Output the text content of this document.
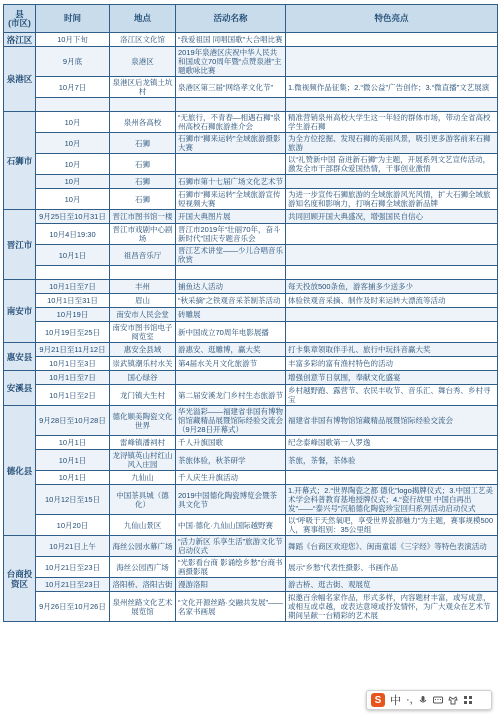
县
(市区)	时间	地点	活动名称	特色亮点
洛江区	10月下旬	洛江区文化馆	“我爱祖国 同唱国歌”大合唱比赛	
泉港区	9月底	泉港区	2019年泉港区庆祝中华人民共和国成立70周年暨“点赞泉港”主题歌咏比赛	
	10月7日	泉港区后龙镇土坑村	泉港区第三届“网络孝文化节”	1.微视频作品征集；2.“微公益”广告创作；3.“微直播”文艺展演

石狮市	10月	泉州各高校	“无旅行，不青春—相遇石狮”泉州高校石狮旅游推介会	精准营销泉州高校大学生这一年轻的群体市场，带动全省高校学生游石狮
	10月	石狮	石狮市“狮来运转”全域旅游摄影大赛	为全方位挖掘、发现石狮的美丽风景，吸引更多游客前来石狮旅游
	10月	石狮		以“礼赞新中国 奋进新石狮”为主题，开展系列文艺宣传活动，激发全市干部群众爱国热情，干事创业激情
	10月	石狮	石狮市第十七届广场文化艺术节	
	10月	石狮	石狮市“狮来运转”全域旅游宣传短视频大赛	为进一步宣传石狮旅游的全域旅游风光风情，扩大石狮全域旅游知名度和影响力，打响石狮全域旅游新品牌
晋江市	9月25日至10月31日	晋江市图书馆一楼	开国大典图片展	共同回顾开国大典盛况，增强国民自信心
	10月4日19:30	晋江市戏剧中心剧场	晋江市2019年“壮丽70年，奋斗新时代”国庆专题音乐会	
	10月1日	祖昌音乐厅	晋江艺术讲堂——少儿合唱音乐欣赏	

南安市	10月1日至7日	丰州	捕鱼达人活动	每天投放500条鱼，游客捕多少送多少
	10月1日至31日	眉山	“秋采摘”之铁观音采茶制茶活动	体验铁观音采摘、制作及时来运转大漂流等活动
	10月19日	南安市人民会堂	砖雕展	
	10月19日至25日	南安市图书馆电子阅览室	新中国成立70周年电影展播	
惠安县	9月21日至11月12日	惠安全县域	游惠安、逛雕博，赢大奖	打卡集章领取伴手礼、旅行中玩抖音赢大奖
	10月1日至3日	崇武镇潮乐村水关	第4届水关月文化旅游节	丰富多彩的富有渔村特色的活动
安溪县	10月1日至7日	国心绿谷		增强创意节日氛围，奉献文化盛宴
	10月1日至2日	龙门镇大生村	第二届安溪龙门乡村生态旅游节	乡村越野跑、露营节、农民丰收节、音乐汇、舞台秀、乡村寻宝
德化县	9月28日至10月28日	德化顺美陶瓷文化世界	华光溢彩——福建省非国有博物馆馆藏精品展暨馆际经验交流会（9月28日开幕式）	福建省非国有博物馆馆藏精品展暨馆际经验交流会
	10月1日	雷峰镇潘祠村	千人升旗国歌	纪念泰峰国歌第一人罗逸
	10月1日	龙浔镇英山村红山风入庄园	茶旅体验，秋茶研学	茶旅，茶餐，茶体验
	10月1日	九仙山	千人庆生升旗活动	
	10月12日至15日	中国茶具城（德化）	2019中国德化陶瓷博览会暨茶具文化节	1.开幕式；2.“世界陶瓷之都 德化”logo揭牌仪式；3.中国工艺美术学会科普教育基地授牌仪式；4.“瓷行故里 中国白再出发”——“泰兴号”沉船德化陶瓷珍宝回归系列活动启动仪式
	10月20日	九仙山景区	中国·德化·九仙山国际越野赛	以“呼吸于天然氧吧，享受世界瓷都魅力”为主题，赛事规模500人，赛事组别：35公里组
台商投资区	10月21日上午	海丝公园水幕广场	“活力新区 乐享生活”旅游文化节启动仪式	舞蹈《台商区欢迎您》、闽南童谣《三字经》等特色表演活动
	10月21日至23日	海丝公园西广场	“光影看台商 影诵绘乡愁”台商书画摄影展	展示“乡愁”代表性摄影、书画作品
	10月21日至23日	洛阳桥、洛阳古街	漫游洛阳	游古桥、逛古街、观展览
	9月26日至10月26日	泉州丝路文化艺术展览馆	“文化开源丝路·交融共发展”——名家书画展	拟邀百余幅名家作品，形式多样，内容题材丰富，或写成意，或相互或卓越，或表达意境或抒发情怀，为广大观众在艺术节期间呈献一台精彩的艺术展
S 中 ·,
